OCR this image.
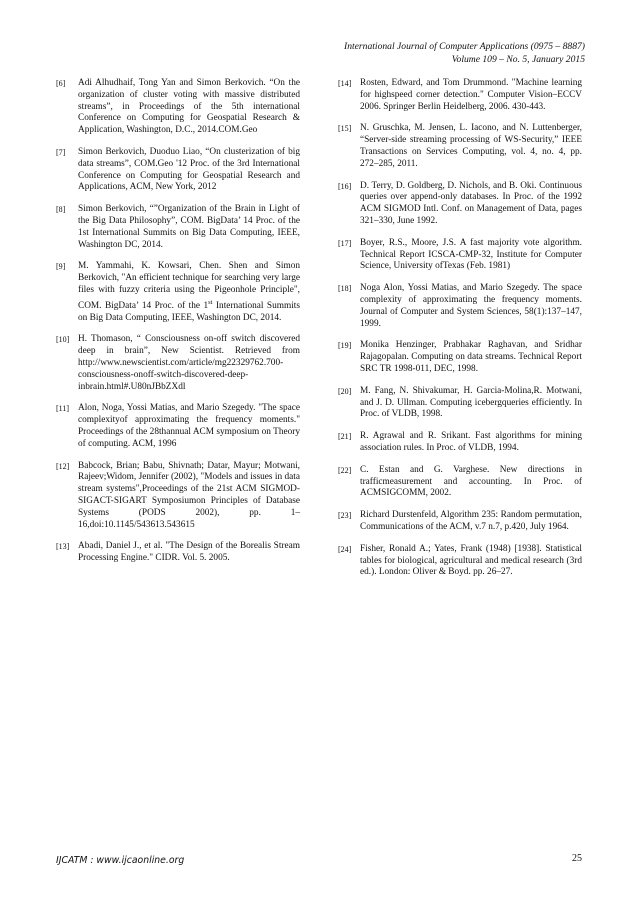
International Journal of Computer Applications (0975 – 8887)
Volume 109 – No. 5, January 2015
[6]	Adi Alhudhaif, Tong Yan and Simon Berkovich. “On the organization of cluster voting with massive distributed streams”, in Proceedings of the 5th international Conference on Computing for Geospatial Research & Application, Washington, D.C., 2014.COM.Geo
[7]	Simon Berkovich, Duoduo Liao, “On clusterization of big data streams”, COM.Geo '12 Proc. of the 3rd International Conference on Computing for Geospatial Research and Applications, ACM, New York, 2012
[8]	Simon Berkovich, “”Organization of the Brain in Light of the Big Data Philosophy”, COM. BigData’ 14 Proc. of the 1st International Summits on Big Data Computing, IEEE, Washington DC, 2014.
[9]	M. Yammahi, K. Kowsari, Chen. Shen and Simon Berkovich, "An efficient technique for searching very large files with fuzzy criteria using the Pigeonhole Principle", COM. BigData’ 14 Proc. of the 1st International Summits on Big Data Computing, IEEE, Washington DC, 2014.
[10] H. Thomason, “ Consciousness on-off switch discovered deep in brain”, New Scientist. Retrieved from http://www.newscientist.com/article/mg22329762.700-consciousness-onoff-switch-discovered-deep-inbrain.html#.U80nJBbZXdl
[11] Alon, Noga, Yossi Matias, and Mario Szegedy. "The space complexityof approximating the frequency moments." Proceedings of the 28thannual ACM symposium on Theory of computing. ACM, 1996
[12] Babcock, Brian; Babu, Shivnath; Datar, Mayur; Motwani, Rajeev;Widom, Jennifer (2002), "Models and issues in data stream systems",Proceedings of the 21st ACM SIGMOD-SIGACT-SIGART Symposiumon Principles of Database Systems (PODS 2002), pp. 1–16,doi:10.1145/543613.543615
[13] Abadi, Daniel J., et al. "The Design of the Borealis Stream Processing Engine." CIDR. Vol. 5. 2005.
[14] Rosten, Edward, and Tom Drummond. "Machine learning for highspeed corner detection." Computer Vision–ECCV 2006. Springer Berlin Heidelberg, 2006. 430-443.
[15] N. Gruschka, M. Jensen, L. Iacono, and N. Luttenberger, “Server-side streaming processing of WS-Security,” IEEE Transactions on Services Computing, vol. 4, no. 4, pp. 272–285, 2011.
[16] D. Terry, D. Goldberg, D. Nichols, and B. Oki. Continuous queries over append-only databases. In Proc. of the 1992 ACM SIGMOD Intl. Conf. on Management of Data, pages 321–330, June 1992.
[17] Boyer, R.S., Moore, J.S. A fast majority vote algorithm. Technical Report ICSCA-CMP-32, Institute for Computer Science, University ofTexas (Feb. 1981)
[18] Noga Alon, Yossi Matias, and Mario Szegedy. The space complexity of approximating the frequency moments. Journal of Computer and System Sciences, 58(1):137–147, 1999.
[19] Monika Henzinger, Prabhakar Raghavan, and Sridhar Rajagopalan. Computing on data streams. Technical Report SRC TR 1998-011, DEC, 1998.
[20] M. Fang, N. Shivakumar, H. Garcia-Molina,R. Motwani, and J. D. Ullman. Computing icebergqueries efficiently. In Proc. of VLDB, 1998.
[21] R. Agrawal and R. Srikant. Fast algorithms for mining association rules. In Proc. of VLDB, 1994.
[22] C. Estan and G. Varghese. New directions in trafficmeasurement and accounting. In Proc. of ACMSIGCOMM, 2002.
[23] Richard Durstenfeld, Algorithm 235: Random permutation, Communications of the ACM, v.7 n.7, p.420, July 1964.
[24] Fisher, Ronald A.; Yates, Frank (1948) [1938]. Statistical tables for biological, agricultural and medical research (3rd ed.). London: Oliver & Boyd. pp. 26–27.
IJCATM : www.ijcaonline.org	25
